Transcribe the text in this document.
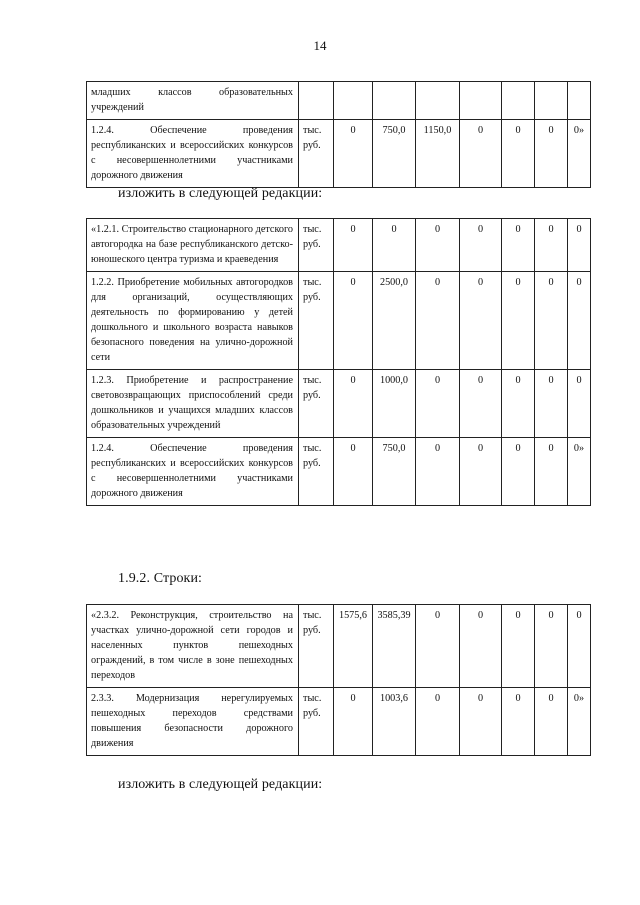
14
младших классов образовательных учреждений								
1.2.4. Обеспечение проведения республиканских и всероссийских конкурсов с несовершеннолетними участниками дорожного движения	тыс. руб.	0	750,0	1150,0	0	0	0	0»
изложить в следующей редакции:
«1.2.1. Строительство стационарного детского автогородка на базе республиканского детско-юношеского центра туризма и краеведения	тыс. руб.	0	0	0	0	0	0	0
1.2.2. Приобретение мобильных автогородков для организаций, осуществляющих деятельность по формированию у детей дошкольного и школьного возраста навыков безопасного поведения на улично-дорожной сети	тыс. руб.	0	2500,0	0	0	0	0	0
1.2.3. Приобретение и распространение световозвращающих приспособлений среди дошкольников и учащихся младших классов образовательных учреждений	тыс. руб.	0	1000,0	0	0	0	0	0
1.2.4. Обеспечение проведения республиканских и всероссийских конкурсов с несовершеннолетними участниками дорожного движения	тыс. руб.	0	750,0	0	0	0	0	0»
1.9.2. Строки:
«2.3.2. Реконструкция, строительство на участках улично-дорожной сети городов и населенных пунктов пешеходных ограждений, в том числе в зоне пешеходных переходов	тыс. руб.	1575,6	3585,39	0	0	0	0	0
2.3.3. Модернизация нерегулируемых пешеходных переходов средствами повышения безопасности дорожного движения	тыс. руб.	0	1003,6	0	0	0	0	0»
изложить в следующей редакции:
